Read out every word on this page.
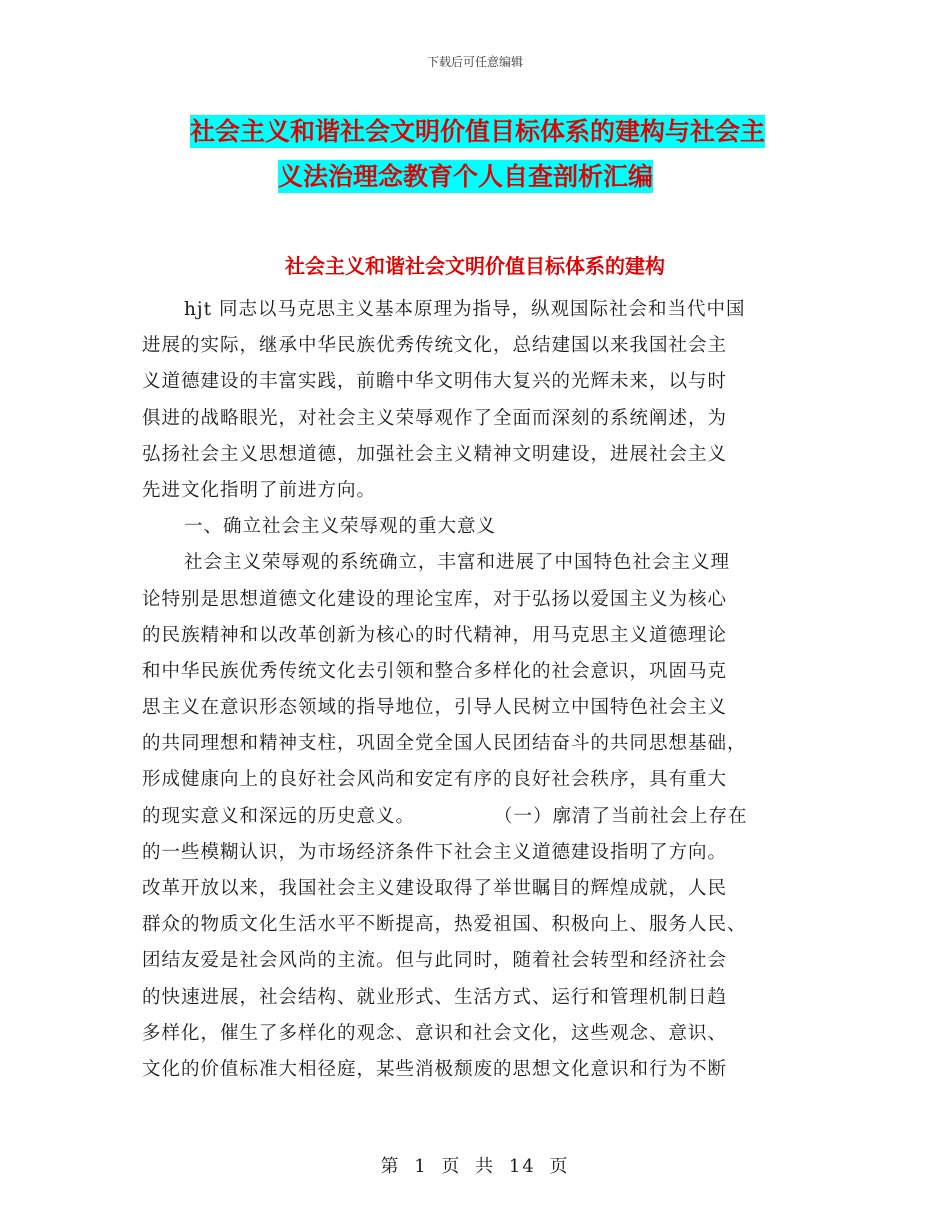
下载后可任意编辑
社会主义和谐社会文明价值目标体系的建构与社会主
义法治理念教育个人自查剖析汇编
社会主义和谐社会文明价值目标体系的建构
hjt 同志以马克思主义基本原理为指导，纵观国际社会和当代中国
进展的实际，继承中华民族优秀传统文化，总结建国以来我国社会主
义道德建设的丰富实践，前瞻中华文明伟大复兴的光辉未来，以与时
俱进的战略眼光，对社会主义荣辱观作了全面而深刻的系统阐述，为
弘扬社会主义思想道德，加强社会主义精神文明建设，进展社会主义
先进文化指明了前进方向。
一、确立社会主义荣辱观的重大意义
社会主义荣辱观的系统确立，丰富和进展了中国特色社会主义理
论特别是思想道德文化建设的理论宝库，对于弘扬以爱国主义为核心
的民族精神和以改革创新为核心的时代精神，用马克思主义道德理论
和中华民族优秀传统文化去引领和整合多样化的社会意识，巩固马克
思主义在意识形态领域的指导地位，引导人民树立中国特色社会主义
的共同理想和精神支柱，巩固全党全国人民团结奋斗的共同思想基础，
形成健康向上的良好社会风尚和安定有序的良好社会秩序，具有重大
的现实意义和深远的历史意义。　　　　　（一）廓清了当前社会上存在
的一些模糊认识，为市场经济条件下社会主义道德建设指明了方向。
改革开放以来，我国社会主义建设取得了举世瞩目的辉煌成就，人民
群众的物质文化生活水平不断提高，热爱祖国、积极向上、服务人民、
团结友爱是社会风尚的主流。但与此同时，随着社会转型和经济社会
的快速进展，社会结构、就业形式、生活方式、运行和管理机制日趋
多样化，催生了多样化的观念、意识和社会文化，这些观念、意识、
文化的价值标准大相径庭，某些消极颓废的思想文化意识和行为不断
第 1 页 共 14 页
